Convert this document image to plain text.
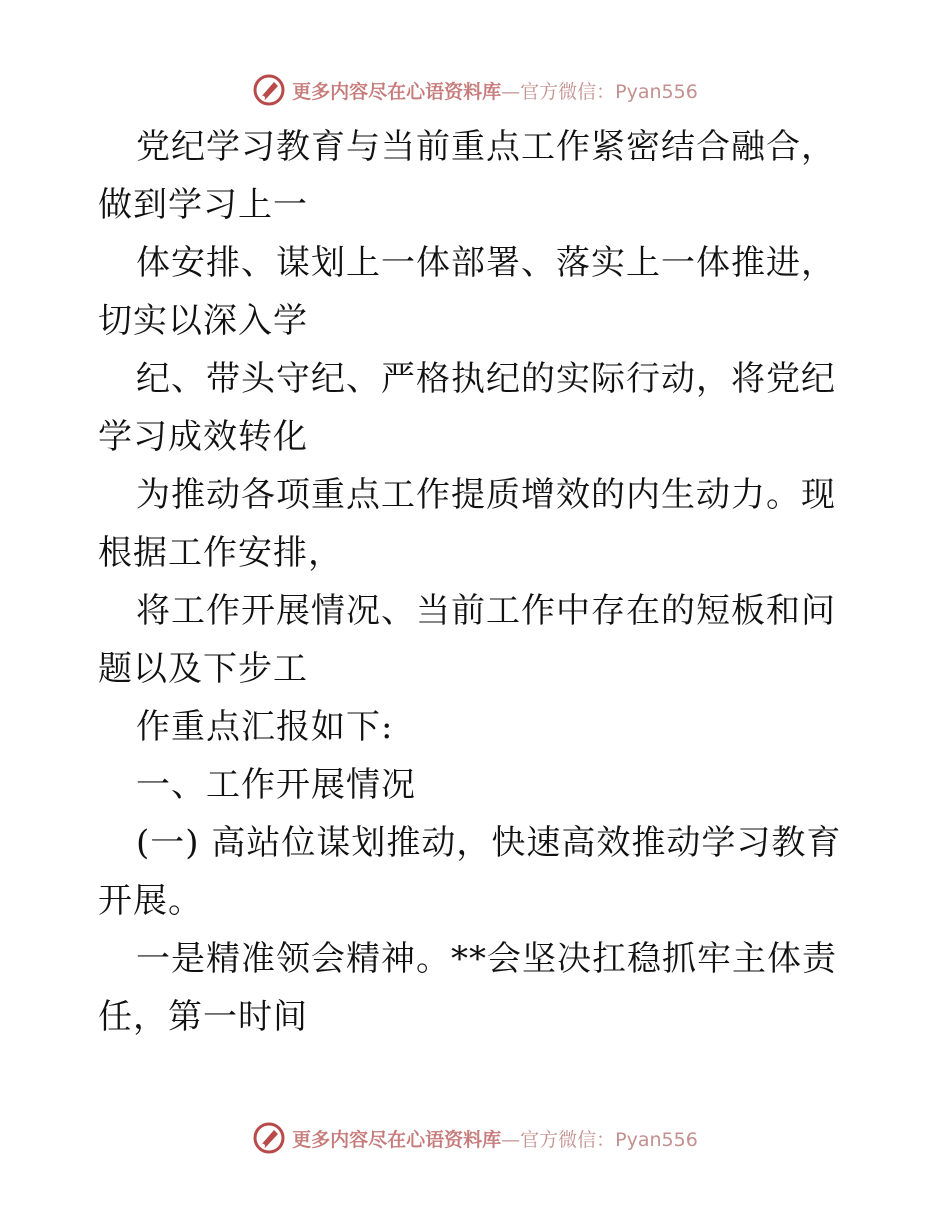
更多内容尽在心语资料库—官方微信：Pyan556

党纪学习教育与当前重点工作紧密结合融合，做到学习上一

体安排、谋划上一体部署、落实上一体推进，切实以深入学

纪、带头守纪、严格执纪的实际行动，将党纪学习成效转化

为推动各项重点工作提质增效的内生动力。现根据工作安排，

将工作开展情况、当前工作中存在的短板和问题以及下步工

作重点汇报如下:

一、工作开展情况

(一) 高站位谋划推动，快速高效推动学习教育开展。

一是精准领会精神。**会坚决扛稳抓牢主体责任，第一时间

更多内容尽在心语资料库—官方微信：Pyan556
